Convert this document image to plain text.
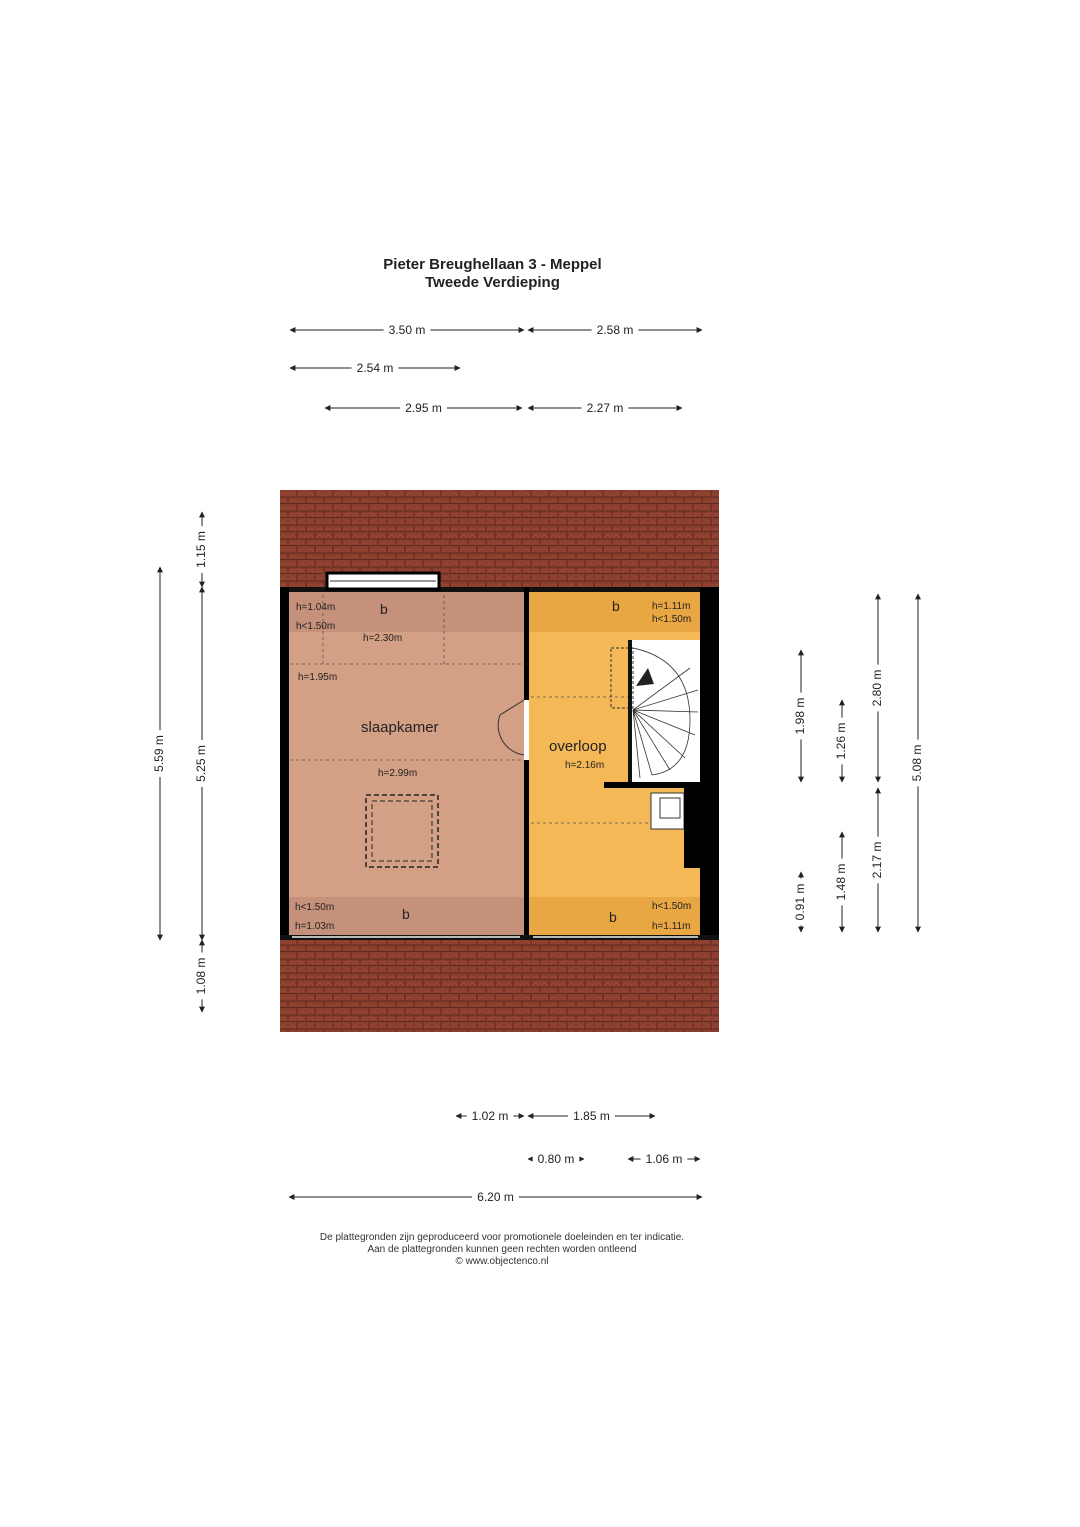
Pieter Breughellaan 3 - Meppel
Tweede Verdieping
slaapkamer
overloop
h=1.04m
h<1.50m
h=2.30m
h=1.95m
h=2.99m
h<1.50m
h=1.03m
b
b
h=1.11m
h<1.50m
h=2.16m
h<1.50m
h=1.11m
b
b
3.50 m	2.58 m
2.54 m
2.95 m	2.27 m
1.15 m
5.59 m 5.25 m
1.08 m
1.98 m
1.26 m
2.80 m
5.08 m
0.91 m
1.48 m
2.17 m
1.02 m	1.85 m
0.80 m	1.06 m
6.20 m
De plattegronden zijn geproduceerd voor promotionele doeleinden en ter indicatie.
Aan de plattegronden kunnen geen rechten worden ontleend
© www.objectenco.nl
